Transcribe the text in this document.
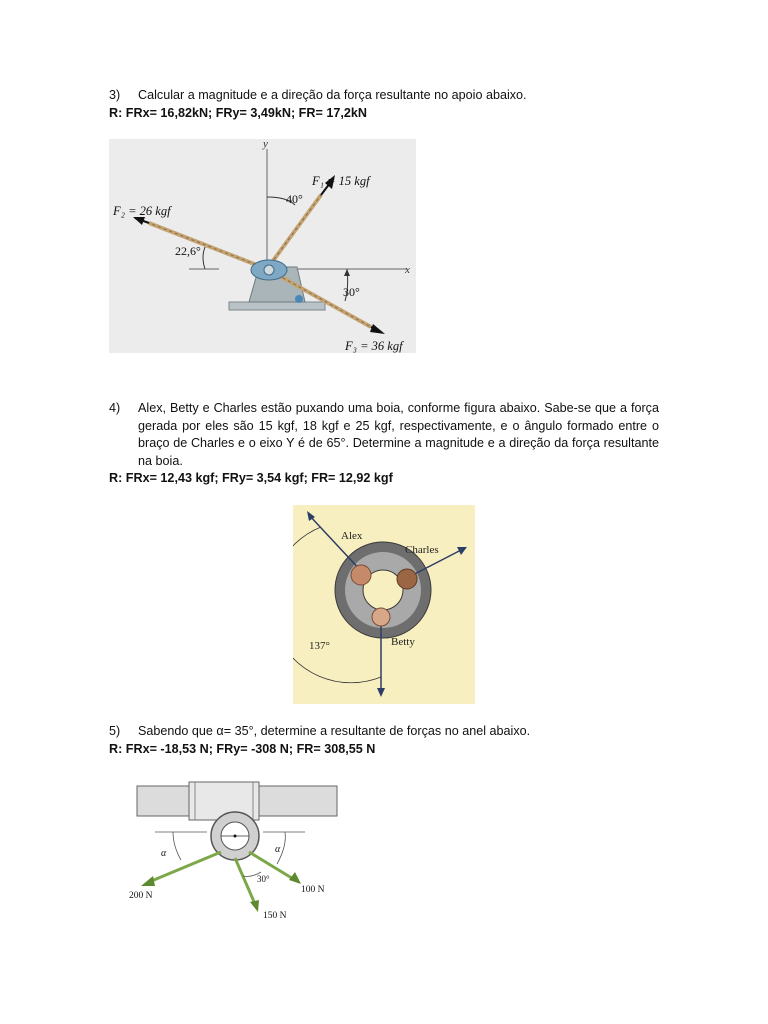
3) Calcular a magnitude e a direção da força resultante no apoio abaixo.
R: FRx= 16,82kN; FRy= 3,49kN; FR= 17,2kN
y
x
F₁ = 15 kgf
F₂ = 26 kgf
F₃ = 36 kgf
40°
22,6°
30°
4) Alex, Betty e Charles estão puxando uma boia, conforme figura abaixo. Sabe-se que a força gerada por eles são 15 kgf, 18 kgf e 25 kgf, respectivamente, e o ângulo formado entre o braço de Charles e o eixo Y é de 65°. Determine a magnitude e a direção da força resultante na boia.
R: FRx= 12,43 kgf; FRy= 3,54 kgf; FR= 12,92 kgf
Alex
Charles
Betty
137°
5) Sabendo que α= 35°, determine a resultante de forças no anel abaixo.
R: FRx= -18,53 N; FRy= -308 N; FR= 308,55 N
α	α
30°
200 N
150 N
100 N
